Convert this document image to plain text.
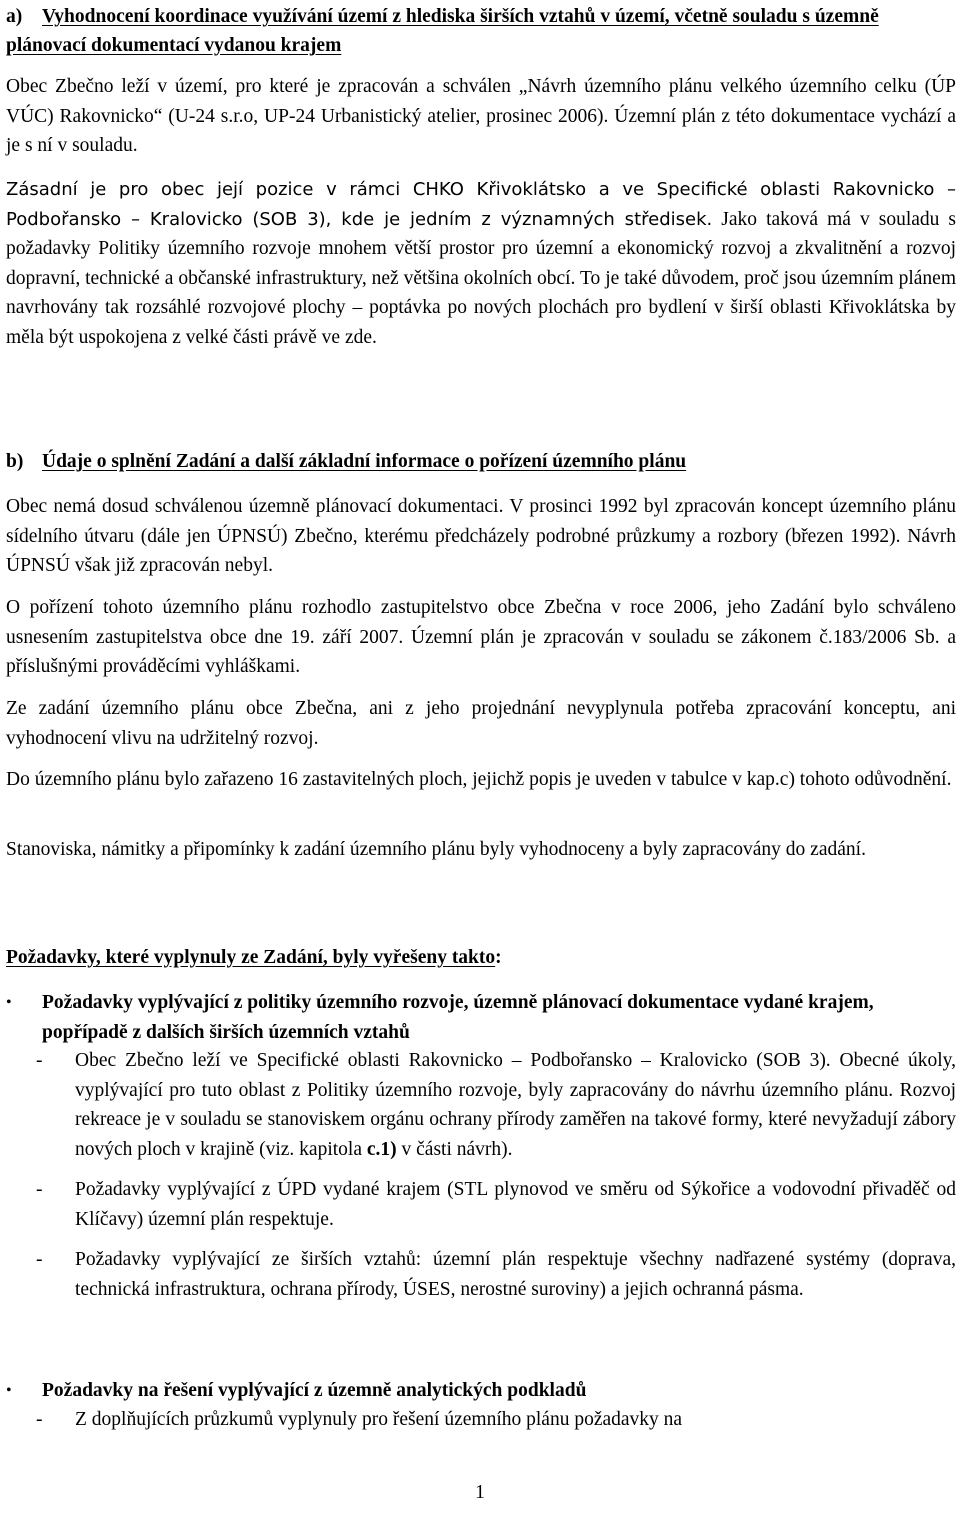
a) Vyhodnocení koordinace využívání území z hlediska širších vztahů v území, včetně souladu s územně plánovací dokumentací vydanou krajem

Obec Zbečno leží v území, pro které je zpracován a schválen „Návrh územního plánu velkého územního celku (ÚP VÚC) Rakovnicko“ (U-24 s.r.o, UP-24 Urbanistický atelier, prosinec 2006). Územní plán z této dokumentace vychází a je s ní v souladu.

Zásadní je pro obec její pozice v rámci CHKO Křivoklátsko a ve Specifické oblasti Rakovnicko – Podbořansko – Kralovicko (SOB 3), kde je jedním z významných středisek. Jako taková má v souladu s požadavky Politiky územního rozvoje mnohem větší prostor pro územní a ekonomický rozvoj a zkvalitnění a rozvoj dopravní, technické a občanské infrastruktury, než většina okolních obcí. To je také důvodem, proč jsou územním plánem navrhovány tak rozsáhlé rozvojové plochy – poptávka po nových plochách pro bydlení v širší oblasti Křivoklátska by měla být uspokojena z velké části právě ve zde.

b) Údaje o splnění Zadání a další základní informace o pořízení územního plánu

Obec nemá dosud schválenou územně plánovací dokumentaci. V prosinci 1992 byl zpracován koncept územního plánu sídelního útvaru (dále jen ÚPNSÚ) Zbečno, kterému předcházely podrobné průzkumy a rozbory (březen 1992). Návrh ÚPNSÚ však již zpracován nebyl.

O pořízení tohoto územního plánu rozhodlo zastupitelstvo obce Zbečna v roce 2006, jeho Zadání bylo schváleno usnesením zastupitelstva obce dne 19. září 2007. Územní plán je zpracován v souladu se zákonem č.183/2006 Sb. a příslušnými prováděcími vyhláškami.

Ze zadání územního plánu obce Zbečna, ani z jeho projednání nevyplynula potřeba zpracování konceptu, ani vyhodnocení vlivu na udržitelný rozvoj.

Do územního plánu bylo zařazeno 16 zastavitelných ploch, jejichž popis je uveden v tabulce v kap.c) tohoto odůvodnění.

Stanoviska, námitky a připomínky k zadání územního plánu byly vyhodnoceny a byly zapracovány do zadání.

Požadavky, které vyplynuly ze Zadání, byly vyřešeny takto:
•	Požadavky vyplývající z politiky územního rozvoje, územně plánovací dokumentace vydané krajem, popřípadě z dalších širších územních vztahů
-	Obec Zbečno leží ve Specifické oblasti Rakovnicko – Podbořansko – Kralovicko (SOB 3). Obecné úkoly, vyplývající pro tuto oblast z Politiky územního rozvoje, byly zapracovány do návrhu územního plánu. Rozvoj rekreace je v souladu se stanoviskem orgánu ochrany přírody zaměřen na takové formy, které nevyžadují zábory nových ploch v krajině (viz. kapitola c.1) v části návrh).
-	Požadavky vyplývající z ÚPD vydané krajem (STL plynovod ve směru od Sýkořice a vodovodní přivaděč od Klíčavy) územní plán respektuje.
-	Požadavky vyplývající ze širších vztahů: územní plán respektuje všechny nadřazené systémy (doprava, technická infrastruktura, ochrana přírody, ÚSES, nerostné suroviny) a jejich ochranná pásma.
•	Požadavky na řešení vyplývající z územně analytických podkladů
-	Z doplňujících průzkumů vyplynuly pro řešení územního plánu požadavky na
1
